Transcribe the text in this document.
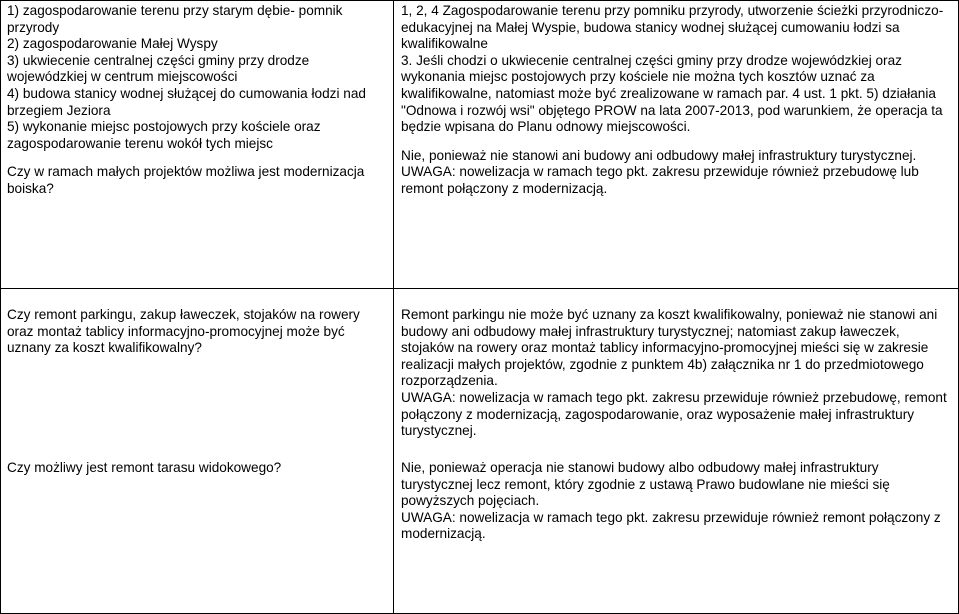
1) zagospodarowanie terenu przy starym dębie- pomnik przyrody

2) zagospodarowanie Małej Wyspy

3) ukwiecenie centralnej części gminy przy drodze wojewódzkiej w centrum miejscowości

4) budowa stanicy wodnej służącej do cumowania łodzi nad brzegiem Jeziora

5) wykonanie miejsc postojowych przy kościele oraz zagospodarowanie terenu wokół tych miejsc

Czy w ramach małych projektów możliwa jest modernizacja boiska?

1, 2, 4 Zagospodarowanie terenu przy pomniku przyrody, utworzenie ścieżki przyrodniczo-edukacyjnej na Małej Wyspie, budowa stanicy wodnej służącej cumowaniu łodzi sa kwalifikowalne

3. Jeśli chodzi o ukwiecenie centralnej części gminy przy drodze wojewódzkiej oraz wykonania miejsc postojowych przy kościele nie można tych kosztów uznać za kwalifikowalne, natomiast może być zrealizowane w ramach par. 4 ust. 1 pkt. 5) działania "Odnowa i rozwój wsi" objętego PROW na lata 2007-2013, pod warunkiem, że operacja ta będzie wpisana do Planu odnowy miejscowości.

Nie, ponieważ nie stanowi ani budowy ani odbudowy małej infrastruktury turystycznej.
UWAGA: nowelizacja w ramach tego pkt. zakresu przewiduje również przebudowę lub remont połączony z modernizacją.

Czy remont parkingu, zakup ławeczek, stojaków na rowery oraz montaż tablicy informacyjno-promocyjnej może być uznany za koszt kwalifikowalny?

Remont parkingu nie może być uznany za koszt kwalifikowalny, ponieważ nie stanowi ani budowy ani odbudowy małej infrastruktury turystycznej; natomiast zakup ławeczek, stojaków na rowery oraz montaż tablicy informacyjno-promocyjnej mieści się w zakresie realizacji małych projektów, zgodnie z punktem 4b) załącznika nr 1 do przedmiotowego rozporządzenia.
UWAGA: nowelizacja w ramach tego pkt. zakresu przewiduje również przebudowę, remont połączony z modernizacją, zagospodarowanie, oraz wyposażenie małej infrastruktury turystycznej.

Czy możliwy jest remont tarasu widokowego?	Nie, ponieważ operacja nie stanowi budowy albo odbudowy małej infrastruktury turystycznej lecz remont, który zgodnie z ustawą Prawo budowlane nie mieści się powyższych pojęciach.
UWAGA: nowelizacja w ramach tego pkt. zakresu przewiduje również remont połączony z modernizacją.
